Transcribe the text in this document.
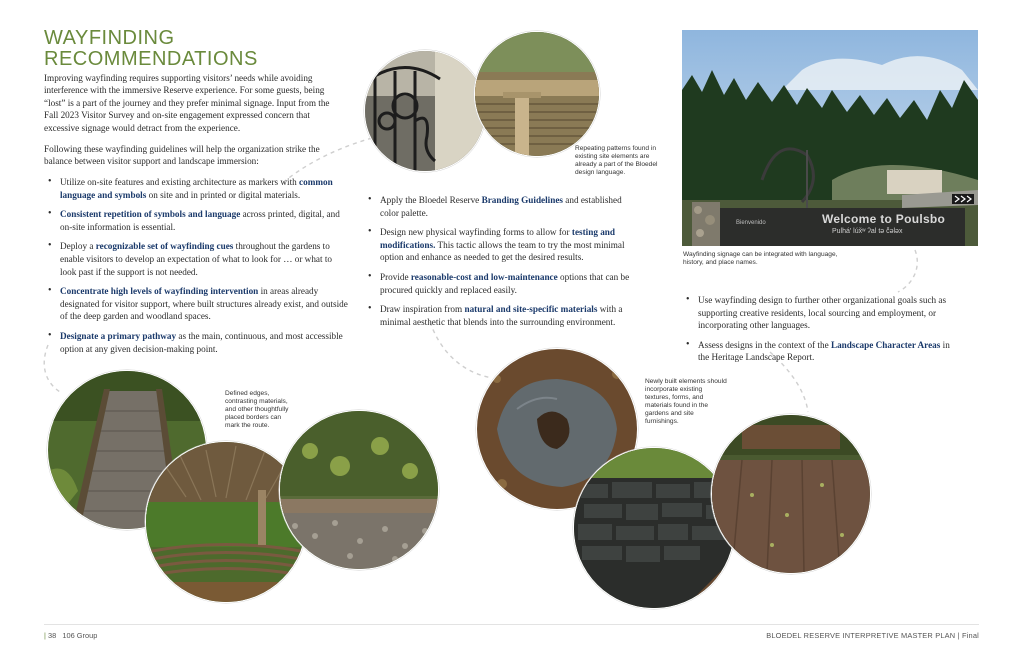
WAYFINDING
RECOMMENDATIONS

Improving wayfinding requires supporting visitors’ needs while avoiding interference with the immersive Reserve experience. For some guests, being “lost” is a part of the journey and they prefer minimal signage. Input from the Fall 2023 Visitor Survey and on-site engagement expressed concern that excessive signage would detract from the experience.

Following these wayfinding guidelines will help the organization strike the balance between visitor support and landscape immersion:

• Utilize on-site features and existing architecture as markers with common language and symbols on site and in printed or digital materials.
• Consistent repetition of symbols and language across printed, digital, and on-site information is essential.
• Deploy a recognizable set of wayfinding cues throughout the gardens to enable visitors to develop an expectation of what to look for … or what to look past if the support is not needed.
• Concentrate high levels of wayfinding intervention in areas already designated for visitor support, where built structures already exist, and outside of the deep garden and woodland spaces.
• Designate a primary pathway as the main, continuous, and most accessible option at any given decision-making point.
• Apply the Bloedel Reserve Branding Guidelines and established color palette.
• Design new physical wayfinding forms to allow for testing and modifications. This tactic allows the team to try the most minimal option and enhance as needed to get the desired results.
• Provide reasonable-cost and low-maintenance options that can be procured quickly and replaced easily.
• Draw inspiration from natural and site-specific materials with a minimal aesthetic that blends into the surrounding environment.
• Use wayfinding design to further other organizational goals such as supporting creative residents, local sourcing and employment, or incorporating other languages.
• Assess designs in the context of the Landscape Character Areas in the Heritage Landscape Report.

Repeating patterns found in existing site elements are already a part of the Bloedel design language.

Welcome to Poulsbo
Pulhá′ lúx̌ʷ ʔal tə č̓ələx
Bienvenido

Wayfinding signage can be integrated with language, history, and place names.

Defined edges, contrasting materials, and other thoughtfully placed borders can mark the route.

Newly built elements should incorporate existing textures, forms, and materials found in the gardens and site furnishings.

| 38 106 Group	BLOEDEL RESERVE INTERPRETIVE MASTER PLAN | Final
